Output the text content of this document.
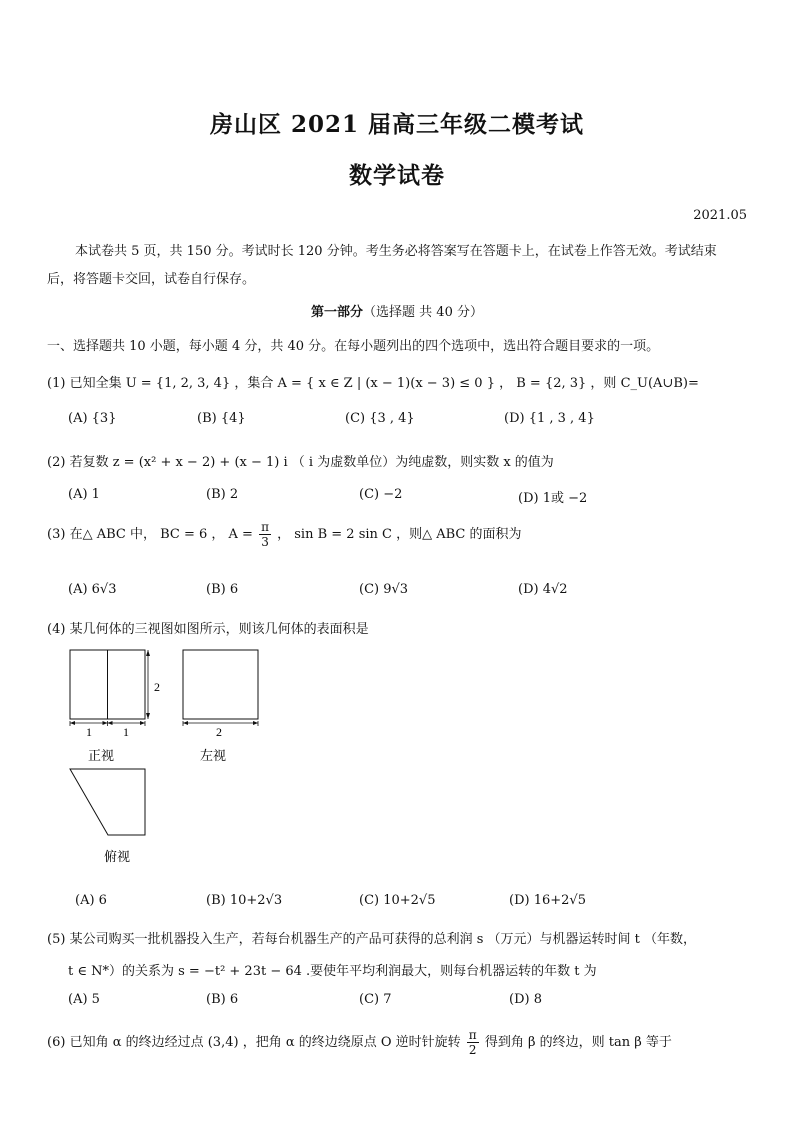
房山区 2021 届高三年级二模考试
数学试卷
2021.05
本试卷共 5 页，共 150 分。考试时长 120 分钟。考生务必将答案写在答题卡上，在试卷上作答无效。考试结束
后，将答题卡交回，试卷自行保存。
第一部分（选择题 共 40 分）
一、选择题共 10 小题，每小题 4 分，共 40 分。在每小题列出的四个选项中，选出符合题目要求的一项。
(1) 已知全集 U = {1, 2, 3, 4} ，集合 A = { x ∈ Z | (x − 1)(x − 3) ≤ 0 } ， B = {2, 3} ，则 C_U(A∪B)=
(A) {3}	(B) {4}	(C) {3 , 4}	(D) {1 , 3 , 4}
(2) 若复数 z = (x² + x − 2) + (x − 1) i （ i 为虚数单位）为纯虚数，则实数 x 的值为
(A) 1	(B) 2	(C) −2	(D) 1或 −2
(3) 在△ ABC 中， BC = 6 ， $A = \frac{\pi}{3}$ ， sin B = 2 sin C ，则△ ABC 的面积为
(A) 6√3	(B) 6	(C) 9√3	(D) 4√2
(4) 某几何体的三视图如图所示，则该几何体的表面积是
2
1	1
正视
2
左视
俯视
(A) 6	(B) 10+2√3	(C) 10+2√5	(D) 16+2√5
(5) 某公司购买一批机器投入生产，若每台机器生产的产品可获得的总利润 s （万元）与机器运转时间 t （年数，
t ∈ N*）的关系为 s = −t² + 23t − 64 .要使年平均利润最大，则每台机器运转的年数 t 为
(A) 5	(B) 6	(C) 7	(D) 8
(6) 已知角 α 的终边经过点 (3,4) ，把角 α 的终边绕原点 O 逆时针旋转 $\frac{\pi}{2}$ 得到角 β 的终边，则 tan β 等于
